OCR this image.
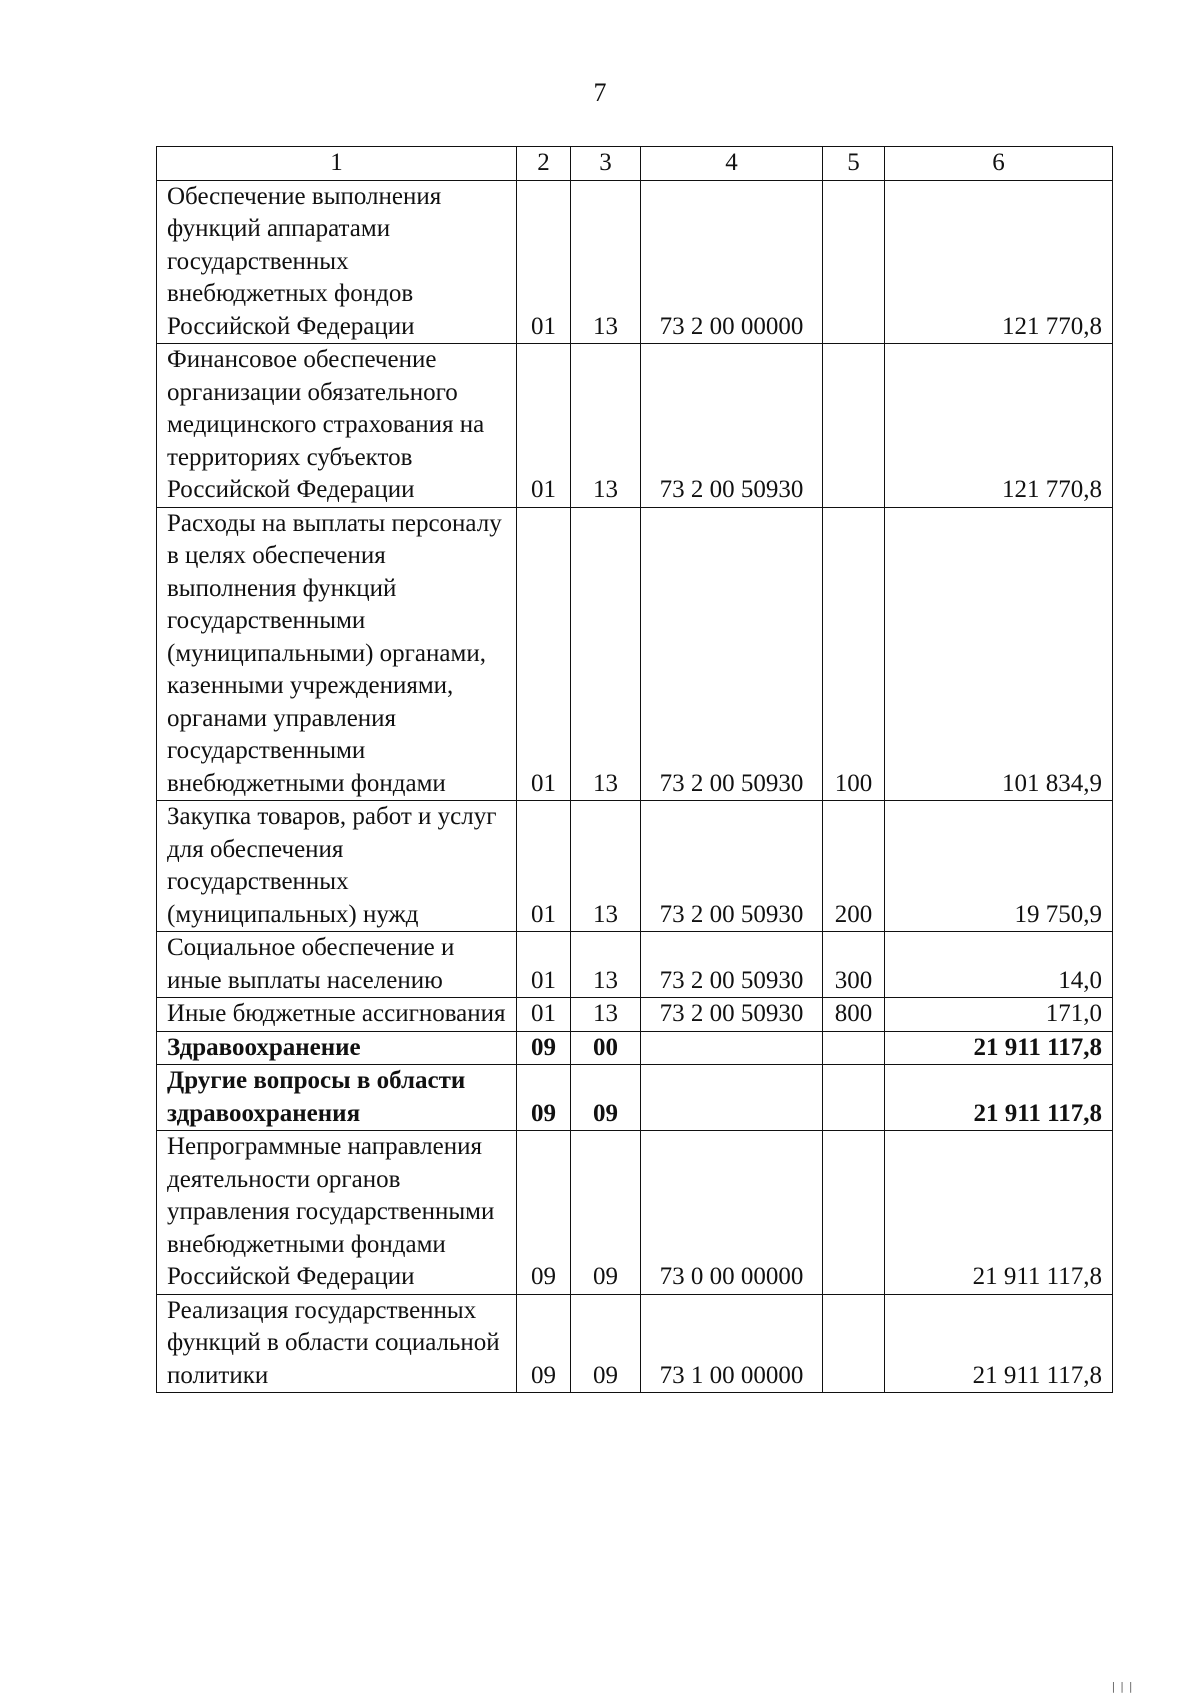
7
1	2	3	4	5	6
Обеспечение выполнения функций аппаратами государственных внебюджетных фондов Российской Федерации	01	13	73 2 00 00000		121 770,8
Финансовое обеспечение организации обязательного медицинского страхования на территориях субъектов Российской Федерации	01	13	73 2 00 50930		121 770,8
Расходы на выплаты персоналу в целях обеспечения выполнения функций государственными (муниципальными) органами, казенными учреждениями, органами управления государственными внебюджетными фондами	01	13	73 2 00 50930	100	101 834,9
Закупка товаров, работ и услуг для обеспечения государственных (муниципальных) нужд	01	13	73 2 00 50930	200	19 750,9
Социальное обеспечение и иные выплаты населению	01	13	73 2 00 50930	300	14,0
Иные бюджетные ассигнования	01	13	73 2 00 50930	800	171,0
Здравоохранение	09	00			21 911 117,8
Другие вопросы в области здравоохранения	09	09			21 911 117,8
Непрограммные направления деятельности органов управления государственными внебюджетными фондами Российской Федерации	09	09	73 0 00 00000		21 911 117,8
Реализация государственных функций в области социальной политики	09	09	73 1 00 00000		21 911 117,8
|||
